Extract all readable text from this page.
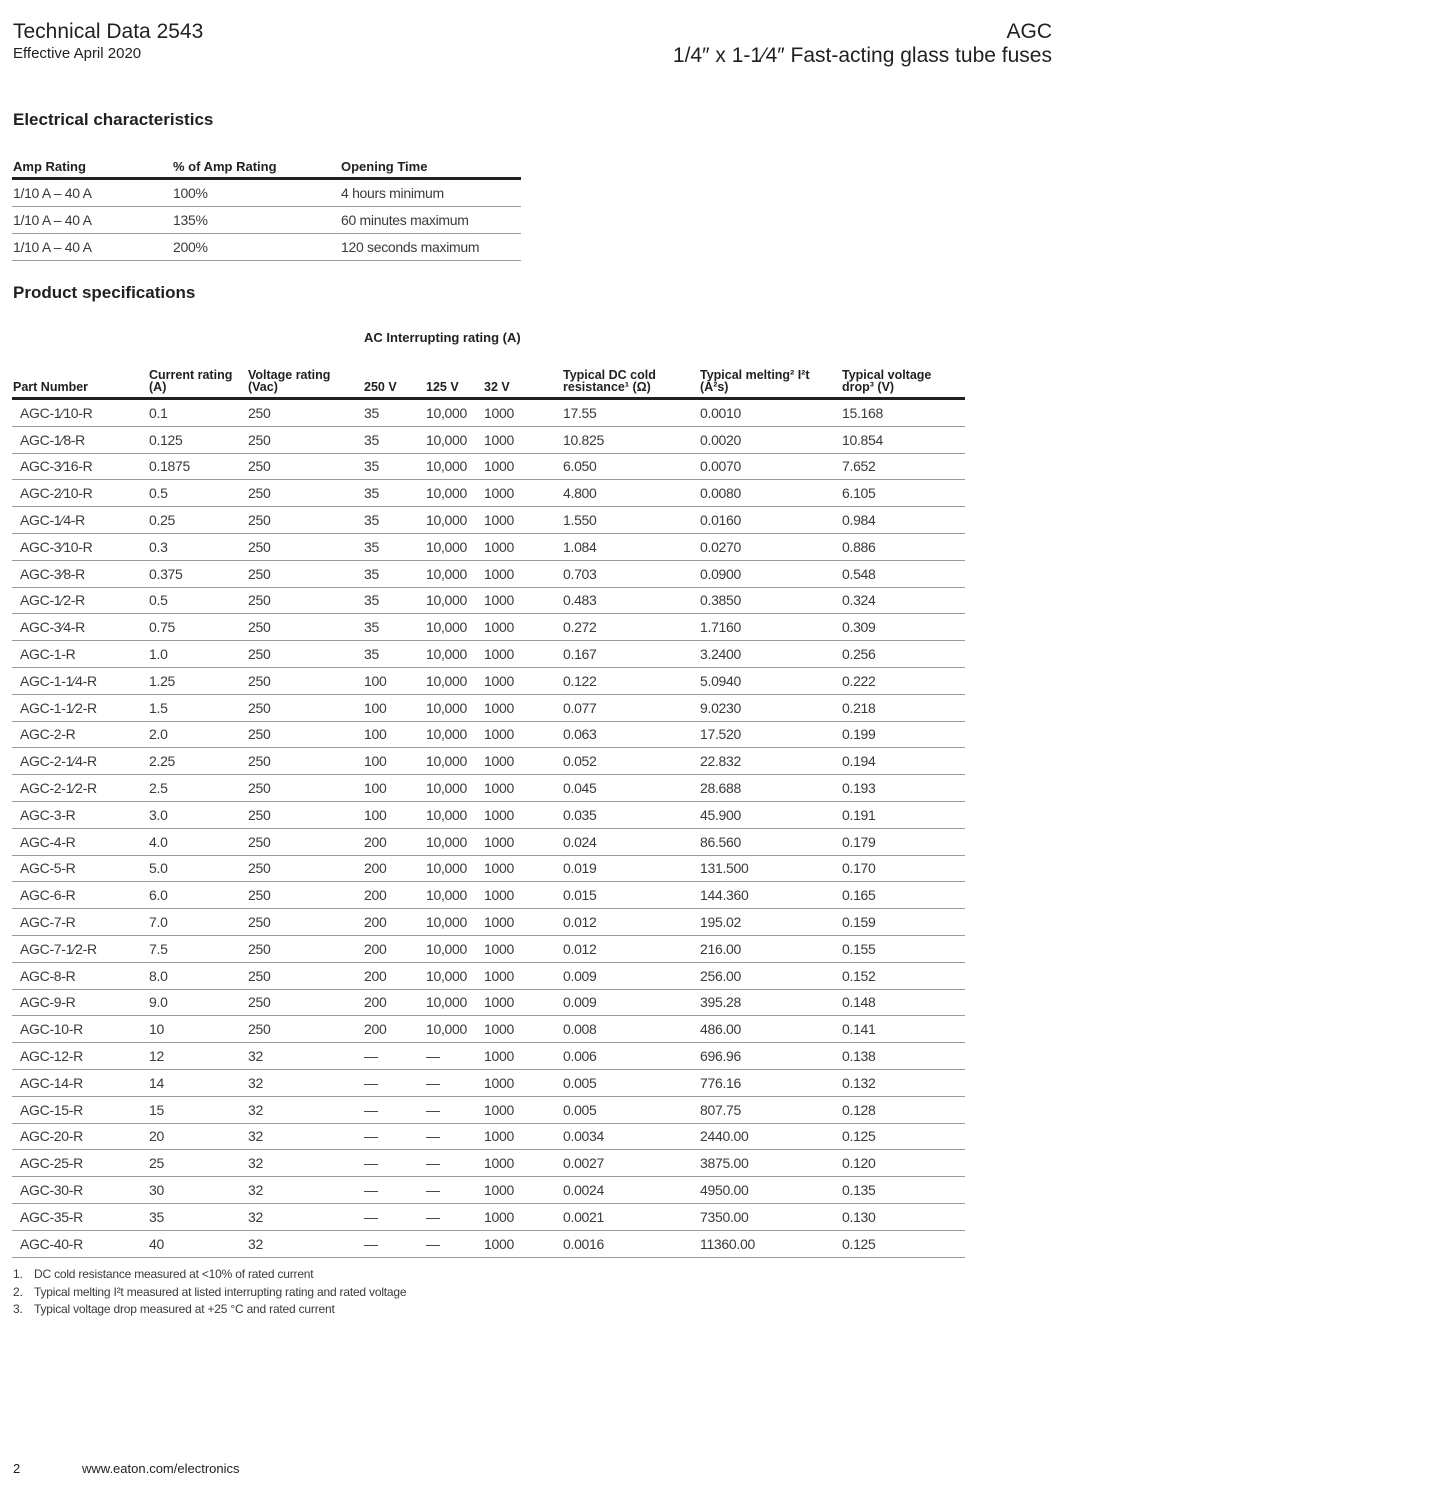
Technical Data 2543
Effective April 2020
AGC
1/4″ x 1-1⁄4″ Fast-acting glass tube fuses
Electrical characteristics
Amp Rating	% of Amp Rating	Opening Time
1/10 A – 40 A	100%	4 hours minimum
1/10 A – 40 A	135%	60 minutes maximum
1/10 A – 40 A	200%	120 seconds maximum
Product specifications
AC Interrupting rating (A)
Part Number	Current rating (A)	Voltage rating (Vac)	250 V	125 V	32 V	Typical DC cold resistance¹ (Ω)	Typical melting² I²t (A²s)	Typical voltage drop³ (V)
AGC-1⁄10-R	0.1	250	35	10,000	1000	17.55	0.0010	15.168
AGC-1⁄8-R	0.125	250	35	10,000	1000	10.825	0.0020	10.854
AGC-3⁄16-R	0.1875	250	35	10,000	1000	6.050	0.0070	7.652
AGC-2⁄10-R	0.5	250	35	10,000	1000	4.800	0.0080	6.105
AGC-1⁄4-R	0.25	250	35	10,000	1000	1.550	0.0160	0.984
AGC-3⁄10-R	0.3	250	35	10,000	1000	1.084	0.0270	0.886
AGC-3⁄8-R	0.375	250	35	10,000	1000	0.703	0.0900	0.548
AGC-1⁄2-R	0.5	250	35	10,000	1000	0.483	0.3850	0.324
AGC-3⁄4-R	0.75	250	35	10,000	1000	0.272	1.7160	0.309
AGC-1-R	1.0	250	35	10,000	1000	0.167	3.2400	0.256
AGC-1-1⁄4-R	1.25	250	100	10,000	1000	0.122	5.0940	0.222
AGC-1-1⁄2-R	1.5	250	100	10,000	1000	0.077	9.0230	0.218
AGC-2-R	2.0	250	100	10,000	1000	0.063	17.520	0.199
AGC-2-1⁄4-R	2.25	250	100	10,000	1000	0.052	22.832	0.194
AGC-2-1⁄2-R	2.5	250	100	10,000	1000	0.045	28.688	0.193
AGC-3-R	3.0	250	100	10,000	1000	0.035	45.900	0.191
AGC-4-R	4.0	250	200	10,000	1000	0.024	86.560	0.179
AGC-5-R	5.0	250	200	10,000	1000	0.019	131.500	0.170
AGC-6-R	6.0	250	200	10,000	1000	0.015	144.360	0.165
AGC-7-R	7.0	250	200	10,000	1000	0.012	195.02	0.159
AGC-7-1⁄2-R	7.5	250	200	10,000	1000	0.012	216.00	0.155
AGC-8-R	8.0	250	200	10,000	1000	0.009	256.00	0.152
AGC-9-R	9.0	250	200	10,000	1000	0.009	395.28	0.148
AGC-10-R	10	250	200	10,000	1000	0.008	486.00	0.141
AGC-12-R	12	32	—	—	1000	0.006	696.96	0.138
AGC-14-R	14	32	—	—	1000	0.005	776.16	0.132
AGC-15-R	15	32	—	—	1000	0.005	807.75	0.128
AGC-20-R	20	32	—	—	1000	0.0034	2440.00	0.125
AGC-25-R	25	32	—	—	1000	0.0027	3875.00	0.120
AGC-30-R	30	32	—	—	1000	0.0024	4950.00	0.135
AGC-35-R	35	32	—	—	1000	0.0021	7350.00	0.130
AGC-40-R	40	32	—	—	1000	0.0016	11360.00	0.125
1. DC cold resistance measured at <10% of rated current
2. Typical melting I²t measured at listed interrupting rating and rated voltage
3. Typical voltage drop measured at +25 °C and rated current
2	www.eaton.com/electronics
